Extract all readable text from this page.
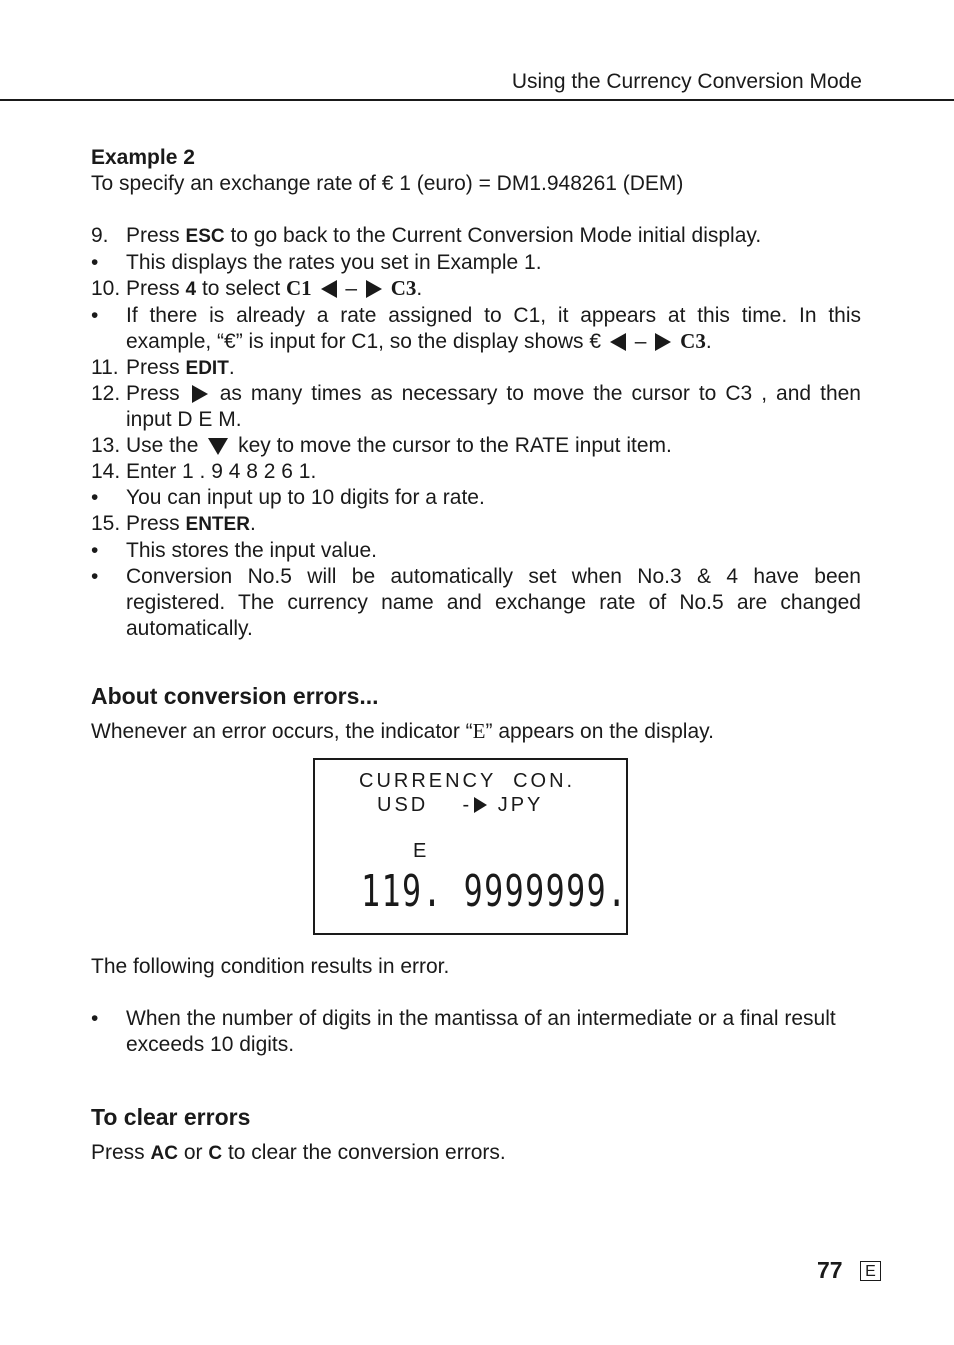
Using the Currency Conversion Mode
Example 2
To specify an exchange rate of € 1 (euro) = DM1.948261 (DEM)
9. Press ESC to go back to the Current Conversion Mode initial display.
• This displays the rates you set in Example 1.
10. Press 4 to select C1 – C3.
• If there is already a rate assigned to C1, it appears at this time. In this example, “€” is input for C1, so the display shows € – C3.
11. Press EDIT.
12. Press as many times as necessary to move the cursor to C3 , and then input D E M.
13. Use the key to move the cursor to the RATE input item.
14. Enter 1 . 9 4 8 2 6 1.
• You can input up to 10 digits for a rate.
15. Press ENTER.
• This stores the input value.
• Conversion No.5 will be automatically set when No.3 & 4 have been registered. The currency name and exchange rate of No.5 are changed automatically.
About conversion errors...
Whenever an error occurs, the indicator “E” appears on the display.
CURRENCY  CON.
USD - JPY
E
119. 9999999.
The following condition results in error.
• When the number of digits in the mantissa of an intermediate or a final result exceeds 10 digits.
To clear errors
Press AC or C to clear the conversion errors.
77	E
